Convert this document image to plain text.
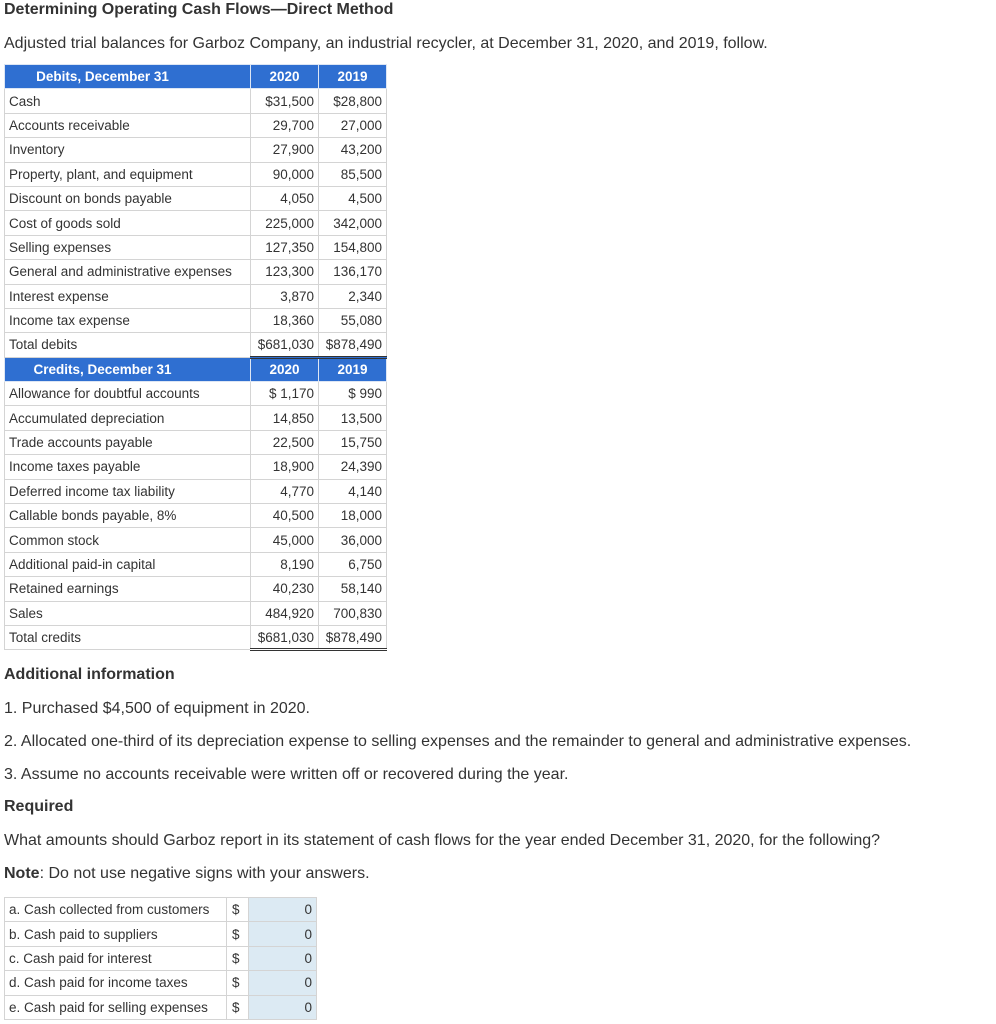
Determining Operating Cash Flows—Direct Method
Adjusted trial balances for Garboz Company, an industrial recycler, at December 31, 2020, and 2019, follow.
Debits, December 31	2020	2019
Cash	$31,500	$28,800
Accounts receivable	29,700	27,000
Inventory	27,900	43,200
Property, plant, and equipment	90,000	85,500
Discount on bonds payable	4,050	4,500
Cost of goods sold	225,000	342,000
Selling expenses	127,350	154,800
General and administrative expenses	123,300	136,170
Interest expense	3,870	2,340
Income tax expense	18,360	55,080
Total debits	$681,030	$878,490
Credits, December 31	2020	2019
Allowance for doubtful accounts	$ 1,170	$ 990
Accumulated depreciation	14,850	13,500
Trade accounts payable	22,500	15,750
Income taxes payable	18,900	24,390
Deferred income tax liability	4,770	4,140
Callable bonds payable, 8%	40,500	18,000
Common stock	45,000	36,000
Additional paid-in capital	8,190	6,750
Retained earnings	40,230	58,140
Sales	484,920	700,830
Total credits	$681,030	$878,490
Additional information
1. Purchased $4,500 of equipment in 2020.
2. Allocated one-third of its depreciation expense to selling expenses and the remainder to general and administrative expenses.
3. Assume no accounts receivable were written off or recovered during the year.
Required
What amounts should Garboz report in its statement of cash flows for the year ended December 31, 2020, for the following?
Note: Do not use negative signs with your answers.
a. Cash collected from customers	$	0
b. Cash paid to suppliers	$	0
c. Cash paid for interest	$	0
d. Cash paid for income taxes	$	0
e. Cash paid for selling expenses	$	0
